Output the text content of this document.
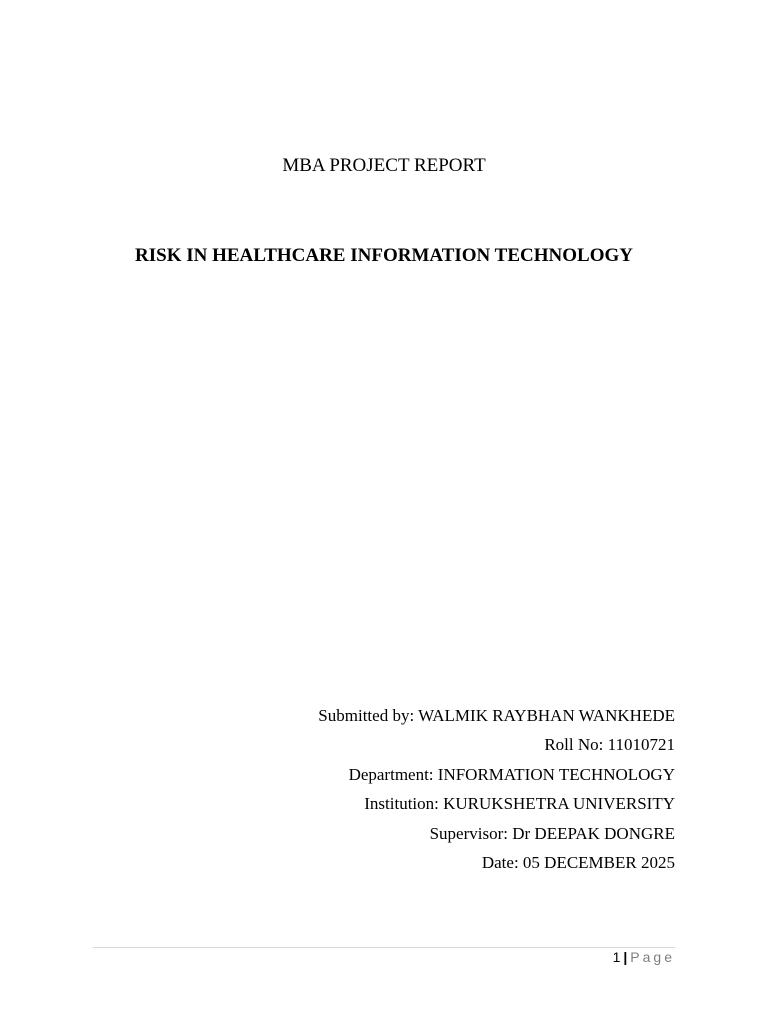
MBA PROJECT REPORT
RISK IN HEALTHCARE INFORMATION TECHNOLOGY
Submitted by: WALMIK RAYBHAN WANKHEDE
Roll No: 11010721
Department: INFORMATION TECHNOLOGY
Institution: KURUKSHETRA UNIVERSITY
Supervisor: Dr DEEPAK DONGRE
Date: 05 DECEMBER 2025
1 | Page
